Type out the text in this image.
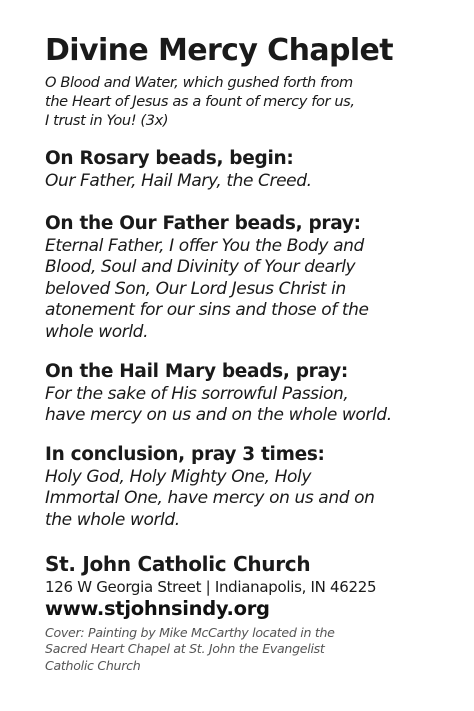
Divine Mercy Chaplet
O Blood and Water, which gushed forth from
the Heart of Jesus as a fount of mercy for us,
I trust in You! (3x)
On Rosary beads, begin:
Our Father, Hail Mary, the Creed.
On the Our Father beads, pray:
Eternal Father, I offer You the Body and
Blood, Soul and Divinity of Your dearly
beloved Son, Our Lord Jesus Christ in
atonement for our sins and those of the
whole world.
On the Hail Mary beads, pray:
For the sake of His sorrowful Passion,
have mercy on us and on the whole world.
In conclusion, pray 3 times:
Holy God, Holy Mighty One, Holy
Immortal One, have mercy on us and on
the whole world.
St. John Catholic Church
126 W Georgia Street | Indianapolis, IN 46225
www.stjohnsindy.org
Cover: Painting by Mike McCarthy located in the
Sacred Heart Chapel at St. John the Evangelist
Catholic Church
